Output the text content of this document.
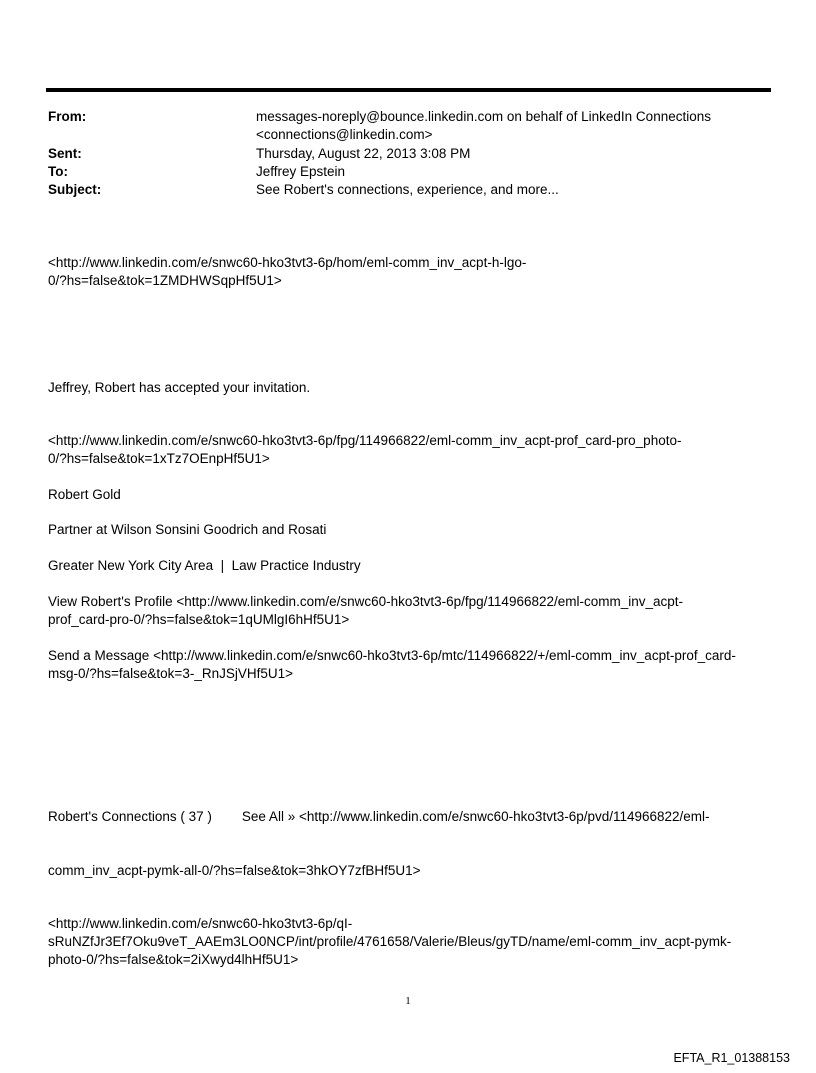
From:	messages-noreply@bounce.linkedin.com on behalf of LinkedIn Connections
<connections@linkedin.com>
Sent:	Thursday, August 22, 2013 3:08 PM
To:	Jeffrey Epstein
Subject:	See Robert's connections, experience, and more...
<http://www.linkedin.com/e/snwc60-hko3tvt3-6p/hom/eml-comm_inv_acpt-h-lgo-
0/?hs=false&tok=1ZMDHWSqpHf5U1>
Jeffrey, Robert has accepted your invitation.
<http://www.linkedin.com/e/snwc60-hko3tvt3-6p/fpg/114966822/eml-comm_inv_acpt-prof_card-pro_photo-
0/?hs=false&tok=1xTz7OEnpHf5U1>
Robert Gold
Partner at Wilson Sonsini Goodrich and Rosati
Greater New York City Area  |  Law Practice Industry
View Robert's Profile <http://www.linkedin.com/e/snwc60-hko3tvt3-6p/fpg/114966822/eml-comm_inv_acpt-
prof_card-pro-0/?hs=false&tok=1qUMlgI6hHf5U1>
Send a Message <http://www.linkedin.com/e/snwc60-hko3tvt3-6p/mtc/114966822/+/eml-comm_inv_acpt-prof_card-
msg-0/?hs=false&tok=3-_RnJSjVHf5U1>

Robert's Connections ( 37 )        See All » <http://www.linkedin.com/e/snwc60-hko3tvt3-6p/pvd/114966822/eml-

comm_inv_acpt-pymk-all-0/?hs=false&tok=3hkOY7zfBHf5U1>

<http://www.linkedin.com/e/snwc60-hko3tvt3-6p/qI-
sRuNZfJr3Ef7Oku9veT_AAEm3LO0NCP/int/profile/4761658/Valerie/Bleus/gyTD/name/eml-comm_inv_acpt-pymk-
photo-0/?hs=false&tok=2iXwyd4lhHf5U1>
1
EFTA_R1_01388153
